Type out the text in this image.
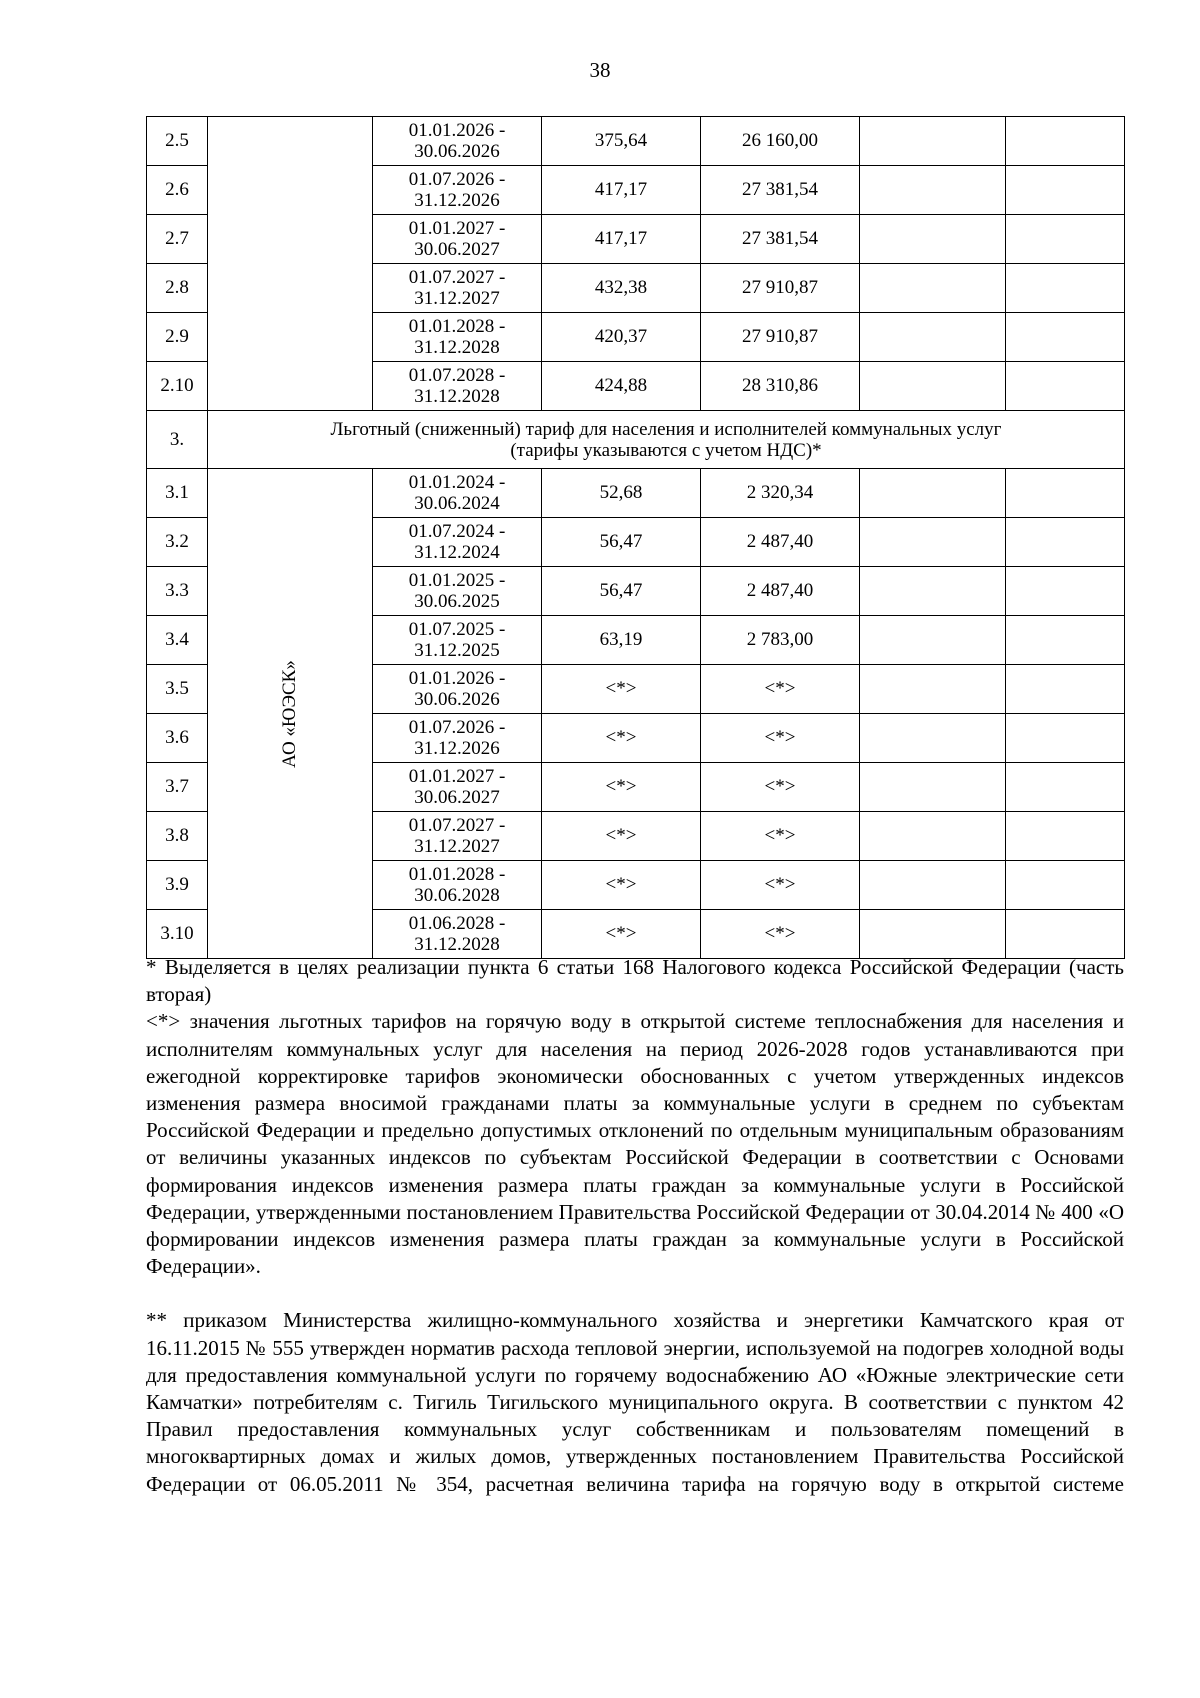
38
2.5		01.01.2026 -
30.06.2026	375,64	26 160,00		
2.6		01.07.2026 -
31.12.2026	417,17	27 381,54		
2.7		01.01.2027 -
30.06.2027	417,17	27 381,54		
2.8		01.07.2027 -
31.12.2027	432,38	27 910,87		
2.9		01.01.2028 -
31.12.2028	420,37	27 910,87		
2.10		01.07.2028 -
31.12.2028	424,88	28 310,86		
3.	Льготный (сниженный) тариф для населения и исполнителей коммунальных услуг
(тарифы указываются с учетом НДС)*					

3.1	АО «ЮЭСК»	01.01.2024 -
30.06.2024	52,68	2 320,34		
3.2		01.07.2024 -
31.12.2024	56,47	2 487,40		
3.3		01.01.2025 -
30.06.2025	56,47	2 487,40		
3.4		01.07.2025 -
31.12.2025	63,19	2 783,00		
3.5		01.01.2026 -
30.06.2026	<*>	<*>		
3.6		01.07.2026 -
31.12.2026	<*>	<*>		
3.7		01.01.2027 -
30.06.2027	<*>	<*>		
3.8		01.07.2027 -
31.12.2027	<*>	<*>		
3.9		01.01.2028 -
30.06.2028	<*>	<*>		
3.10		01.06.2028 -
31.12.2028	<*>	<*>		

* Выделяется в целях реализации пункта 6 статьи 168 Налогового кодекса Российской Федерации (часть вторая)

<*> значения льготных тарифов на горячую воду в открытой системе теплоснабжения для населения и исполнителям коммунальных услуг для населения на период 2026-2028 годов устанавливаются при ежегодной корректировке тарифов экономически обоснованных с учетом утвержденных индексов изменения размера вносимой гражданами платы за коммунальные услуги в среднем по субъектам Российской Федерации и предельно допустимых отклонений по отдельным муниципальным образованиям от величины указанных индексов по субъектам Российской Федерации в соответствии с Основами формирования индексов изменения размера платы граждан за коммунальные услуги в Российской Федерации, утвержденными постановлением Правительства Российской Федерации от 30.04.2014 № 400 «О формировании индексов изменения размера платы граждан за коммунальные услуги в Российской Федерации».

** приказом Министерства жилищно-коммунального хозяйства и энергетики Камчатского края от 16.11.2015 № 555 утвержден норматив расхода тепловой энергии, используемой на подогрев холодной воды для предоставления коммунальной услуги по горячему водоснабжению АО «Южные электрические сети Камчатки» потребителям с. Тигиль Тигильского муниципального округа. В соответствии с пунктом 42 Правил предоставления коммунальных услуг собственникам и пользователям помещений в многоквартирных домах и жилых домов, утвержденных постановлением Правительства Российской Федерации от 06.05.2011 № 354, расчетная величина тарифа на горячую воду в открытой системе
